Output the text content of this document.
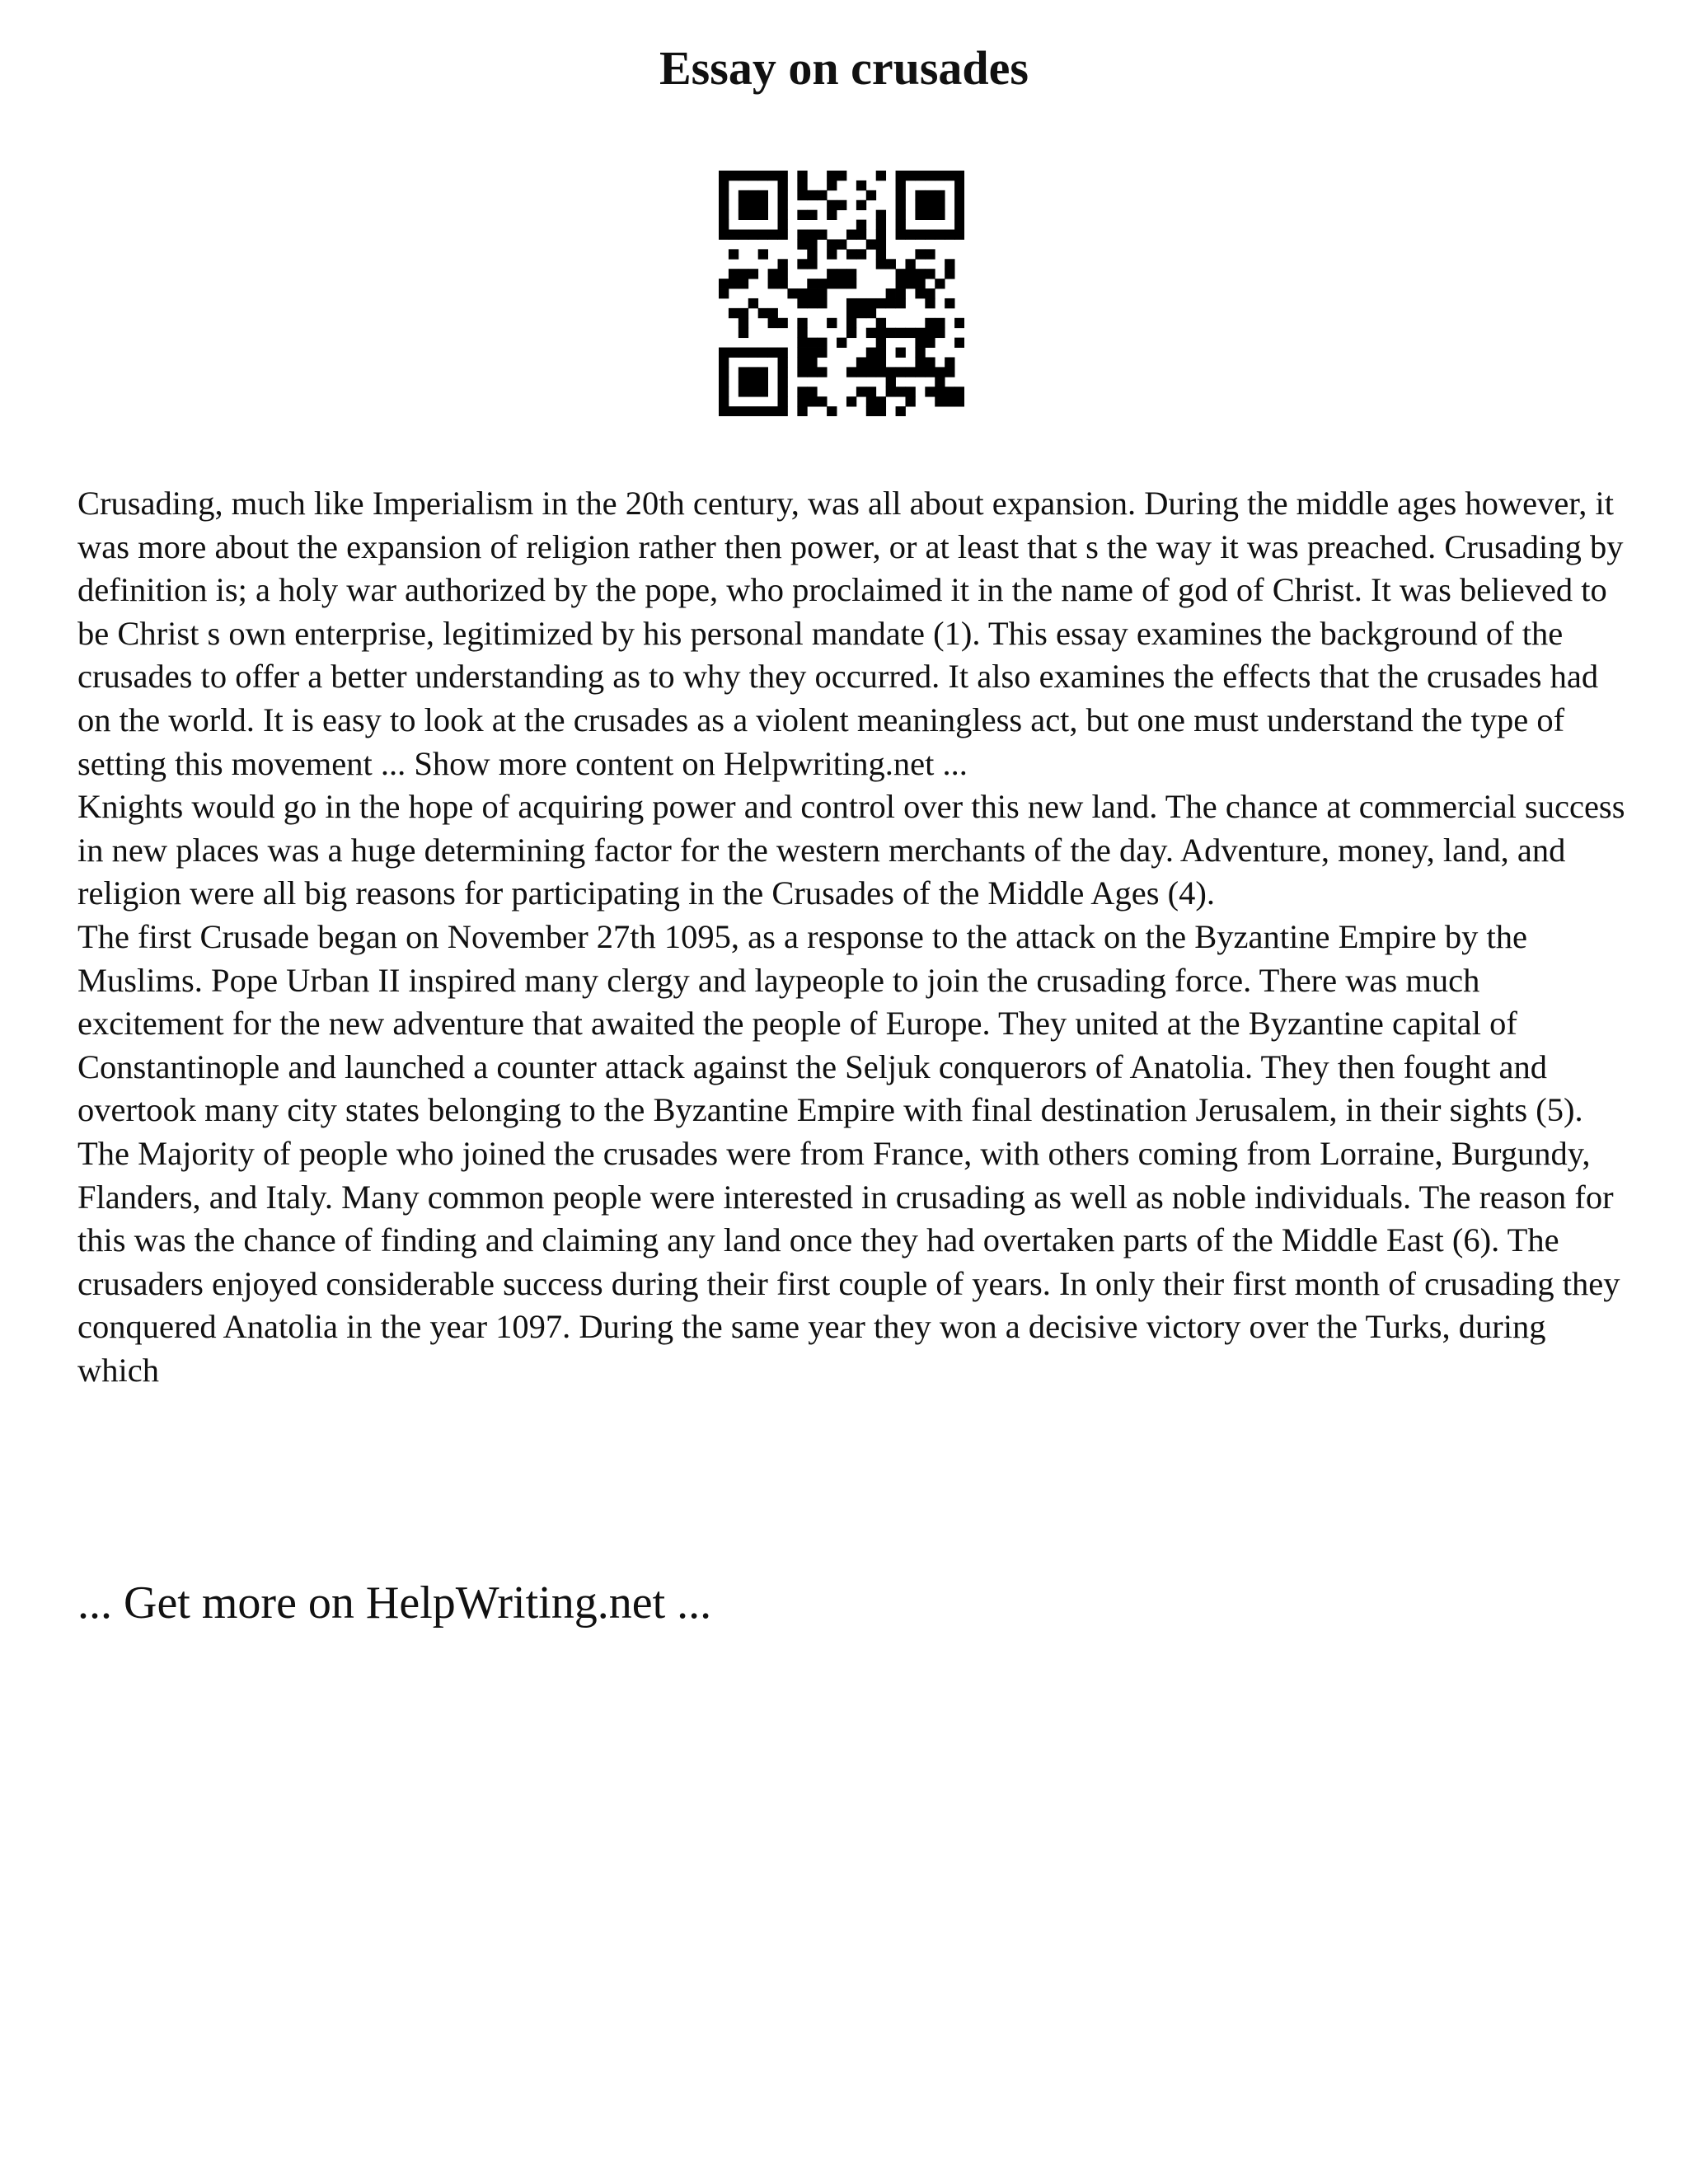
Essay on crusades

Crusading, much like Imperialism in the 20th century, was all about expansion. During the middle ages however, it was more about the expansion of religion rather then power, or at least that s the way it was preached. Crusading by definition is; a holy war authorized by the pope, who proclaimed it in the name of god of Christ. It was believed to be Christ s own enterprise, legitimized by his personal mandate (1). This essay examines the background of the crusades to offer a better understanding as to why they occurred. It also examines the effects that the crusades had on the world. It is easy to look at the crusades as a violent meaningless act, but one must understand the type of setting this movement ... Show more content on Helpwriting.net ...

Knights would go in the hope of acquiring power and control over this new land. The chance at commercial success in new places was a huge determining factor for the western merchants of the day. Adventure, money, land, and religion were all big reasons for participating in the Crusades of the Middle Ages (4).

The first Crusade began on November 27th 1095, as a response to the attack on the Byzantine Empire by the Muslims. Pope Urban II inspired many clergy and laypeople to join the crusading force. There was much excitement for the new adventure that awaited the people of Europe. They united at the Byzantine capital of Constantinople and launched a counter attack against the Seljuk conquerors of Anatolia. They then fought and overtook many city states belonging to the Byzantine Empire with final destination Jerusalem, in their sights (5). The Majority of people who joined the crusades were from France, with others coming from Lorraine, Burgundy, Flanders, and Italy. Many common people were interested in crusading as well as noble individuals. The reason for this was the chance of finding and claiming any land once they had overtaken parts of the Middle East (6). The crusaders enjoyed considerable success during their first couple of years. In only their first month of crusading they conquered Anatolia in the year 1097. During the same year they won a decisive victory over the Turks, during which

... Get more on HelpWriting.net ...
